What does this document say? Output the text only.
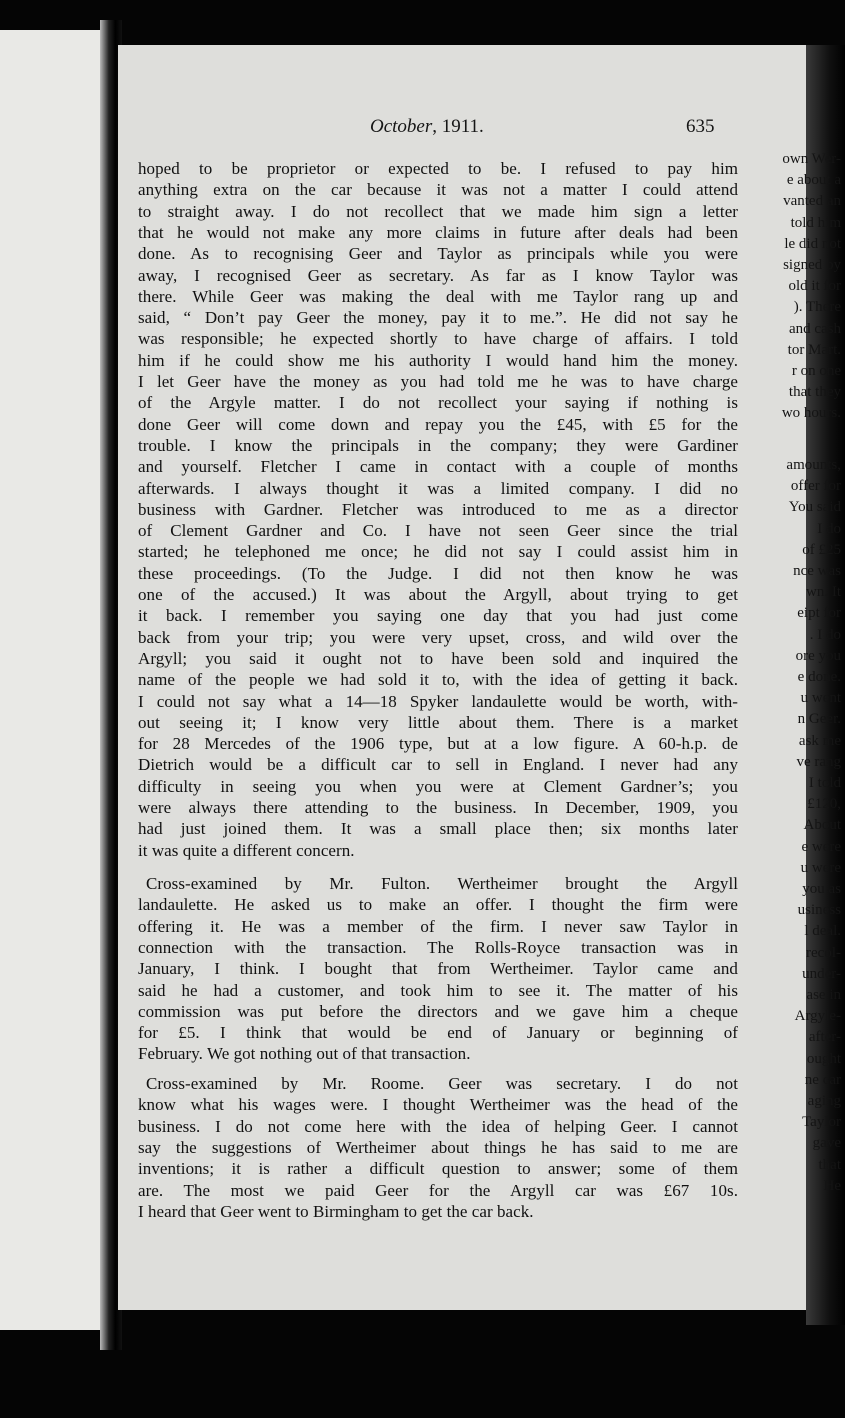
October, 1911.	635
own Wer-
e about a
vanted an
told him
le did not
signed by
old it for
). There
and cash
tor Mart.
r on one
that they
wo hours.
amounts,
offer for
You said
I do
of £25
nce was
wn. It
eipt for
. I do
ore you
e done.
u went
n Geer.
ask me
ve rang
I told
£120,
About
e were
u were
you as
usiness
l deal.
recol-
under-
ase in
Argyle-
after-
ought
ne car
aging
Taylor
gave
that
He
hoped to be proprietor or expected to be. I refused to pay him
anything extra on the car because it was not a matter I could attend
to straight away. I do not recollect that we made him sign a letter
that he would not make any more claims in future after deals had been
done. As to recognising Geer and Taylor as principals while you were
away, I recognised Geer as secretary. As far as I know Taylor was
there. While Geer was making the deal with me Taylor rang up and
said, “ Don’t pay Geer the money, pay it to me.”. He did not say he
was responsible; he expected shortly to have charge of affairs. I told
him if he could show me his authority I would hand him the money.
I let Geer have the money as you had told me he was to have charge
of the Argyle matter. I do not recollect your saying if nothing is
done Geer will come down and repay you the £45, with £5 for the
trouble. I know the principals in the company; they were Gardiner
and yourself. Fletcher I came in contact with a couple of months
afterwards. I always thought it was a limited company. I did no
business with Gardner. Fletcher was introduced to me as a director
of Clement Gardner and Co. I have not seen Geer since the trial
started; he telephoned me once; he did not say I could assist him in
these proceedings. (To the Judge. I did not then know he was
one of the accused.) It was about the Argyll, about trying to get
it back. I remember you saying one day that you had just come
back from your trip; you were very upset, cross, and wild over the
Argyll; you said it ought not to have been sold and inquired the
name of the people we had sold it to, with the idea of getting it back.
I could not say what a 14—18 Spyker landaulette would be worth, with-
out seeing it; I know very little about them. There is a market
for 28 Mercedes of the 1906 type, but at a low figure. A 60-h.p. de
Dietrich would be a difficult car to sell in England. I never had any
difficulty in seeing you when you were at Clement Gardner’s; you
were always there attending to the business. In December, 1909, you
had just joined them. It was a small place then; six months later
it was quite a different concern.
Cross-examined by Mr. Fulton. Wertheimer brought the Argyll
landaulette. He asked us to make an offer. I thought the firm were
offering it. He was a member of the firm. I never saw Taylor in
connection with the transaction. The Rolls-Royce transaction was in
January, I think. I bought that from Wertheimer. Taylor came and
said he had a customer, and took him to see it. The matter of his
commission was put before the directors and we gave him a cheque
for £5. I think that would be end of January or beginning of
February. We got nothing out of that transaction.
Cross-examined by Mr. Roome. Geer was secretary. I do not
know what his wages were. I thought Wertheimer was the head of the
business. I do not come here with the idea of helping Geer. I cannot
say the suggestions of Wertheimer about things he has said to me are
inventions; it is rather a difficult question to answer; some of them
are. The most we paid Geer for the Argyll car was £67 10s.
I heard that Geer went to Birmingham to get the car back.
